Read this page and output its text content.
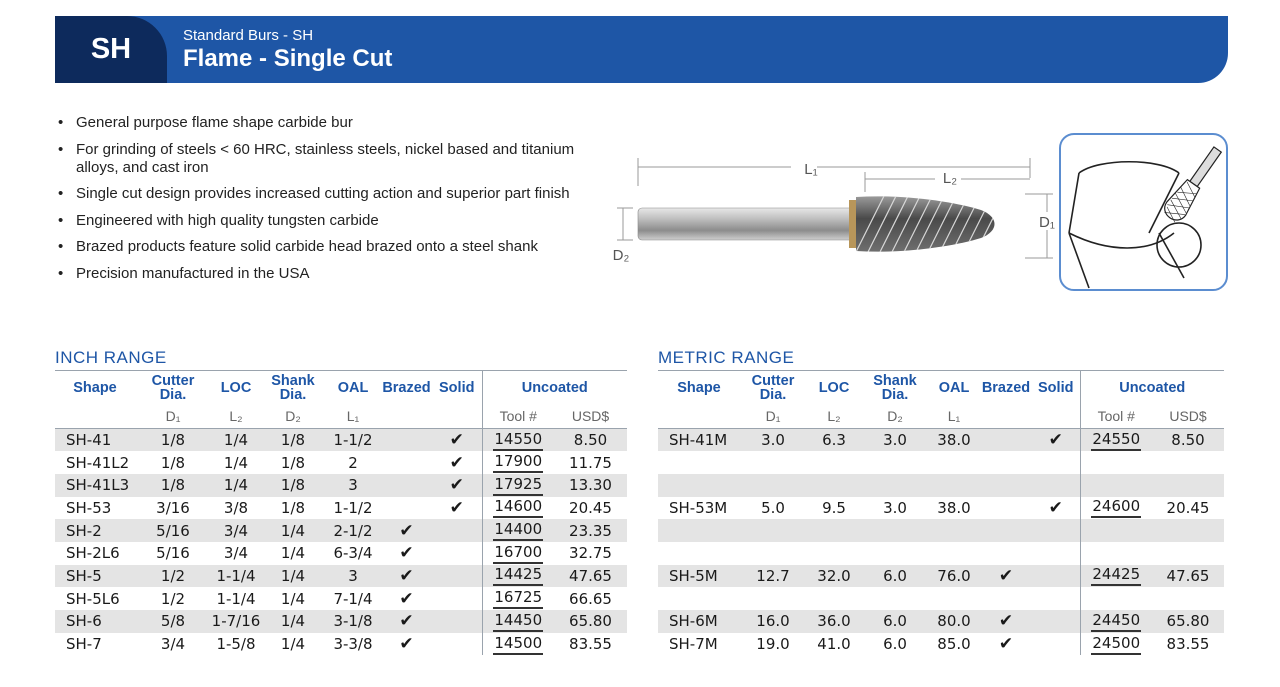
SH	Standard Burs - SH
Flame - Single Cut
• General purpose flame shape carbide bur
• For grinding of steels < 60 HRC, stainless steels, nickel based and titanium alloys, and cast iron
• Single cut design provides increased cutting action and superior part finish
• Engineered with high quality tungsten carbide
• Brazed products feature solid carbide head brazed onto a steel shank
• Precision manufactured in the USA
L₁
L₂
D₁
D₂
INCH RANGE
Shape	Cutter Dia.	LOC	Shank Dia.	OAL	Brazed	Solid	Uncoated	
	D₁	L₂	D₂	L₁			Tool #	USD$
SH-41	1/8	1/4	1/8	1-1/2		✔	14550	8.50
SH-41L2	1/8	1/4	1/8	2		✔	17900	11.75
SH-41L3	1/8	1/4	1/8	3		✔	17925	13.30
SH-53	3/16	3/8	1/8	1-1/2		✔	14600	20.45
SH-2	5/16	3/4	1/4	2-1/2	✔		14400	23.35
SH-2L6	5/16	3/4	1/4	6-3/4	✔		16700	32.75
SH-5	1/2	1-1/4	1/4	3	✔		14425	47.65
SH-5L6	1/2	1-1/4	1/4	7-1/4	✔		16725	66.65
SH-6	5/8	1-7/16	1/4	3-1/8	✔		14450	65.80
SH-7	3/4	1-5/8	1/4	3-3/8	✔		14500	83.55
METRIC RANGE
Shape	Cutter Dia.	LOC	Shank Dia.	OAL	Brazed	Solid	Uncoated	
	D₁	L₂	D₂	L₁			Tool #	USD$
SH-41M	3.0	6.3	3.0	38.0		✔	24550	8.50

SH-53M	5.0	9.5	3.0	38.0		✔	24600	20.45

SH-5M	12.7	32.0	6.0	76.0	✔		24425	47.65

SH-6M	16.0	36.0	6.0	80.0	✔		24450	65.80
SH-7M	19.0	41.0	6.0	85.0	✔		24500	83.55
